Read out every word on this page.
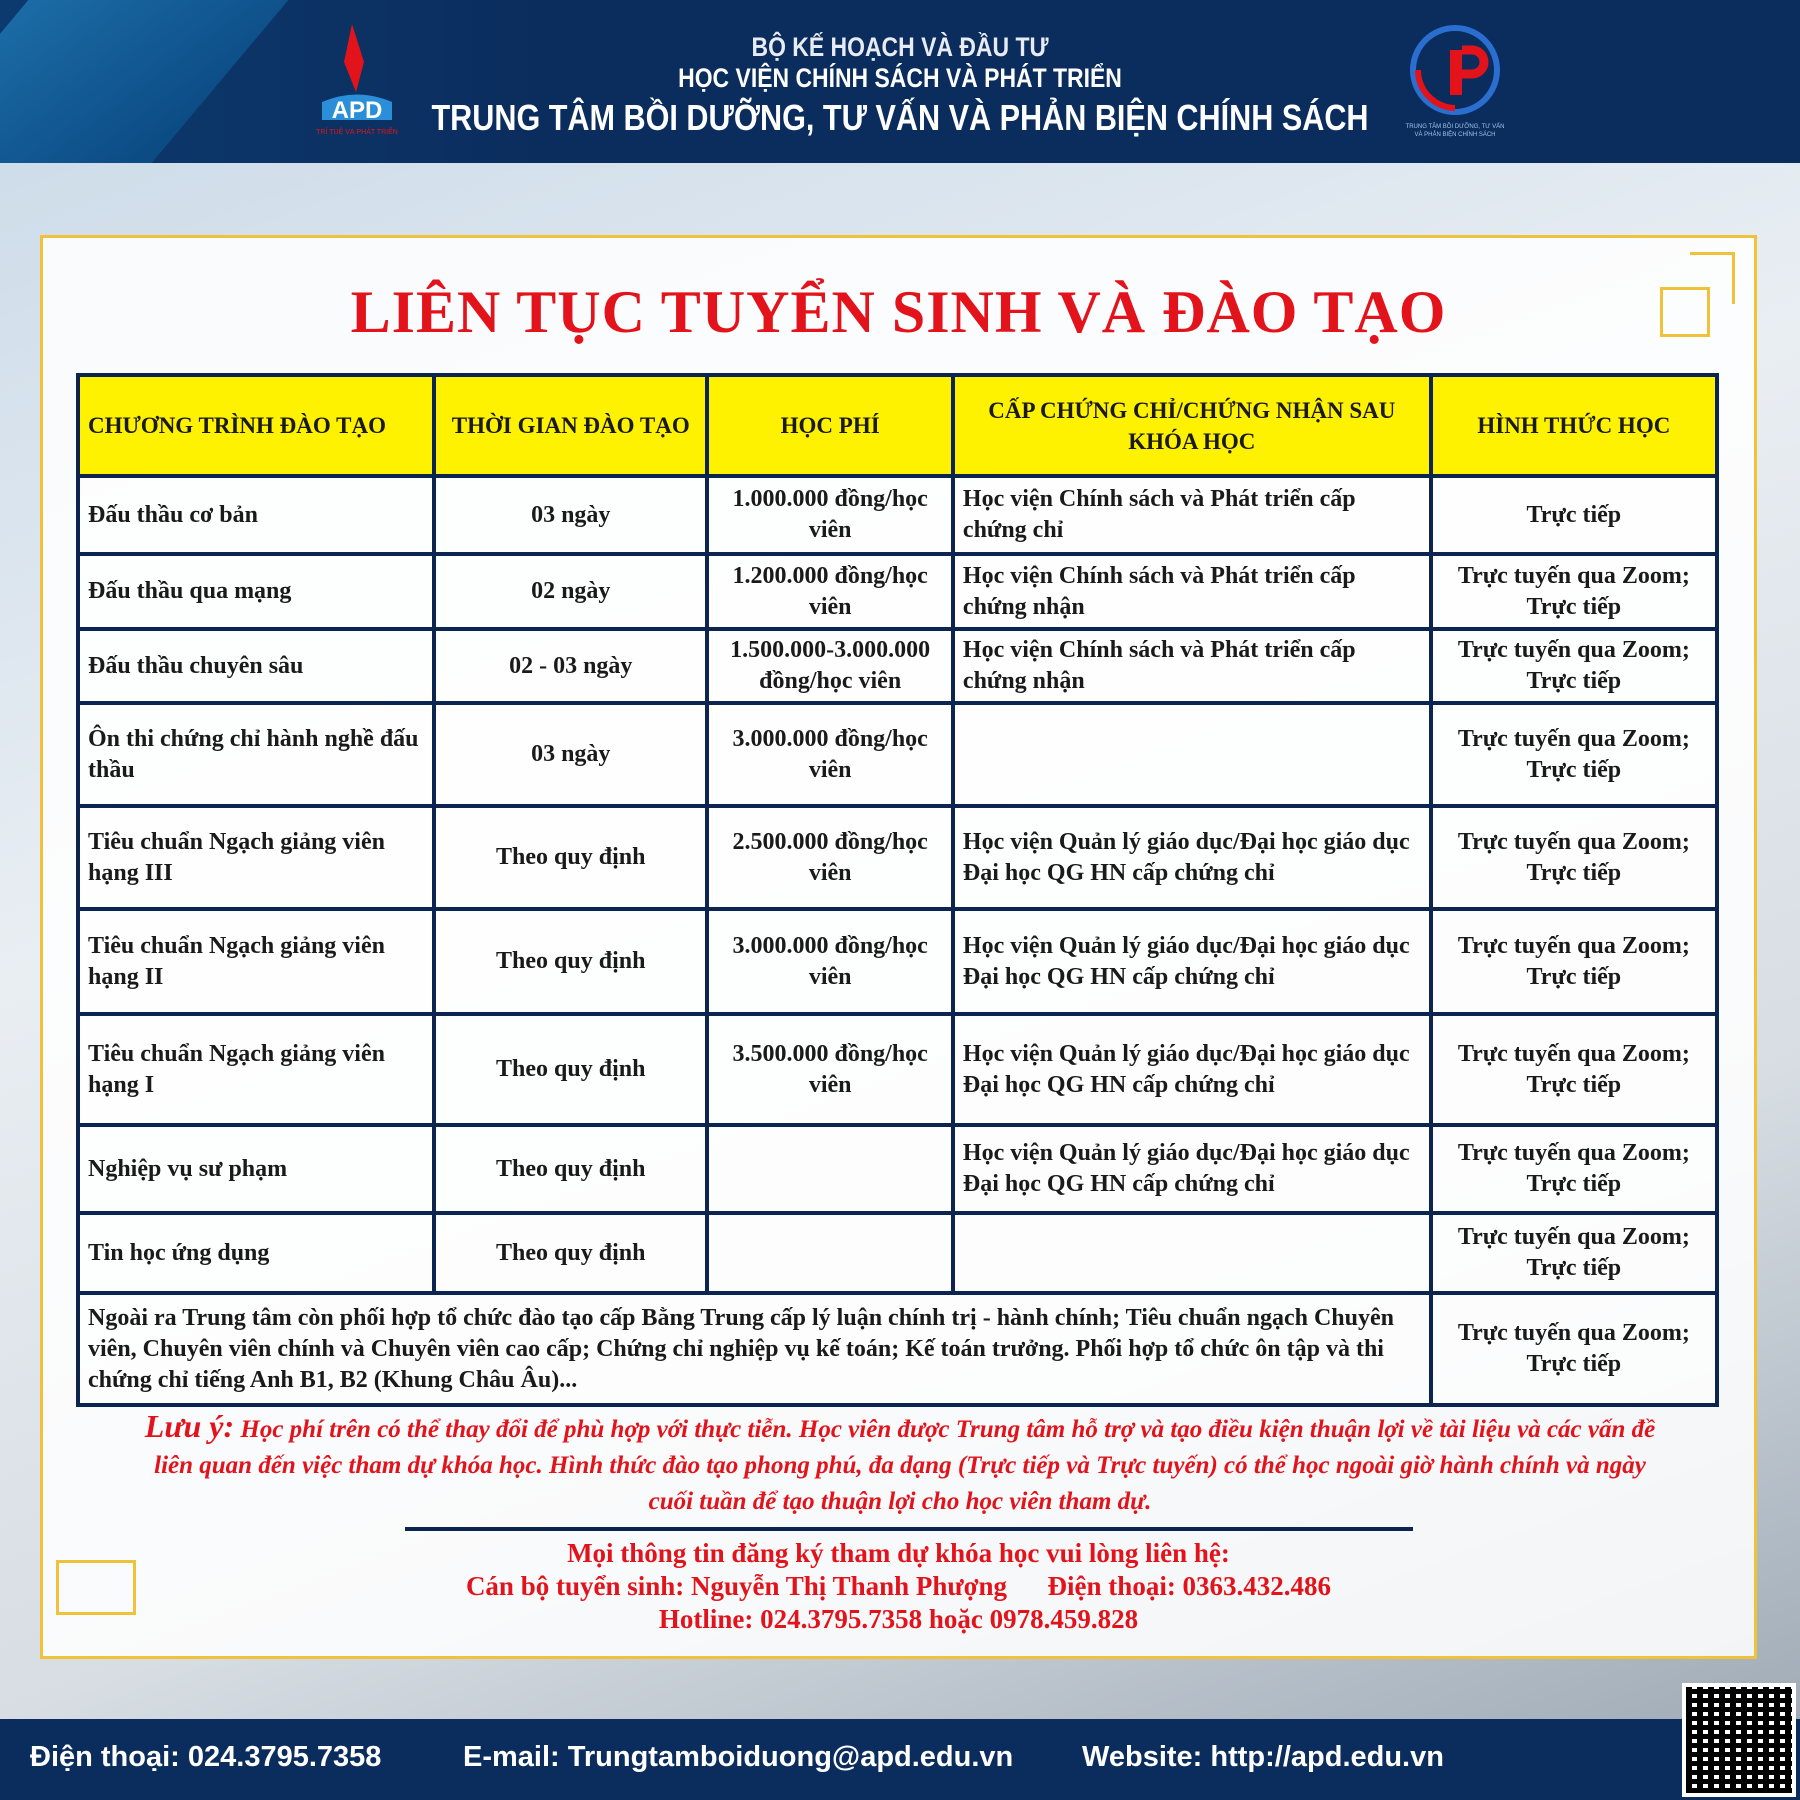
APD
TRÍ TUỆ VÀ PHÁT TRIỂN
BỘ KẾ HOẠCH VÀ ĐẦU TƯ
HỌC VIỆN CHÍNH SÁCH VÀ PHÁT TRIỂN
TRUNG TÂM BỒI DƯỠNG, TƯ VẤN VÀ PHẢN BIỆN CHÍNH SÁCH	TRUNG TÂM BỒI DƯỠNG, TƯ VẤN
VÀ PHẢN BIỆN CHÍNH SÁCH
LIÊN TỤC TUYỂN SINH VÀ ĐÀO TẠO
CHƯƠNG TRÌNH ĐÀO TẠO	THỜI GIAN ĐÀO TẠO	HỌC PHÍ	CẤP CHỨNG CHỈ/CHỨNG NHẬN SAU KHÓA HỌC	HÌNH THỨC HỌC
Đấu thầu cơ bản	03 ngày	1.000.000 đồng/học viên	Học viện Chính sách và Phát triển cấp chứng chỉ	Trực tiếp
Đấu thầu qua mạng	02 ngày	1.200.000 đồng/học viên	Học viện Chính sách và Phát triển cấp chứng nhận	Trực tuyến qua Zoom; Trực tiếp
Đấu thầu chuyên sâu	02 - 03 ngày	1.500.000-3.000.000 đồng/học viên	Học viện Chính sách và Phát triển cấp chứng nhận	Trực tuyến qua Zoom; Trực tiếp
Ôn thi chứng chỉ hành nghề đấu thầu	03 ngày	3.000.000 đồng/học viên		Trực tuyến qua Zoom; Trực tiếp
Tiêu chuẩn Ngạch giảng viên hạng III	Theo quy định	2.500.000 đồng/học viên	Học viện Quản lý giáo dục/Đại học giáo dục Đại học QG HN cấp chứng chỉ	Trực tuyến qua Zoom; Trực tiếp
Tiêu chuẩn Ngạch giảng viên hạng II	Theo quy định	3.000.000 đồng/học viên	Học viện Quản lý giáo dục/Đại học giáo dục Đại học QG HN cấp chứng chỉ	Trực tuyến qua Zoom; Trực tiếp
Tiêu chuẩn Ngạch giảng viên hạng I	Theo quy định	3.500.000 đồng/học viên	Học viện Quản lý giáo dục/Đại học giáo dục Đại học QG HN cấp chứng chỉ	Trực tuyến qua Zoom; Trực tiếp
Nghiệp vụ sư phạm	Theo quy định		Học viện Quản lý giáo dục/Đại học giáo dục Đại học QG HN cấp chứng chỉ	Trực tuyến qua Zoom; Trực tiếp
Tin học ứng dụng	Theo quy định			Trực tuyến qua Zoom; Trực tiếp
Ngoài ra Trung tâm còn phối hợp tổ chức đào tạo cấp Bằng Trung cấp lý luận chính trị - hành chính; Tiêu chuẩn ngạch Chuyên viên, Chuyên viên chính và Chuyên viên cao cấp; Chứng chỉ nghiệp vụ kế toán; Kế toán trưởng. Phối hợp tổ chức ôn tập và thi chứng chỉ tiếng Anh B1, B2 (Khung Châu Âu)...				Trực tuyến qua Zoom; Trực tiếp
Lưu ý: Học phí trên có thể thay đổi để phù hợp với thực tiễn. Học viên được Trung tâm hỗ trợ và tạo điều kiện thuận lợi về tài liệu và các vấn đề liên quan đến việc tham dự khóa học. Hình thức đào tạo phong phú, đa dạng (Trực tiếp và Trực tuyến) có thể học ngoài giờ hành chính và ngày cuối tuần để tạo thuận lợi cho học viên tham dự.
Mọi thông tin đăng ký tham dự khóa học vui lòng liên hệ:
Cán bộ tuyển sinh: Nguyễn Thị Thanh Phượng      Điện thoại: 0363.432.486
Hotline: 024.3795.7358 hoặc 0978.459.828
Điện thoại: 024.3795.7358	E-mail: Trungtamboiduong@apd.edu.vn Website: http://apd.edu.vn
